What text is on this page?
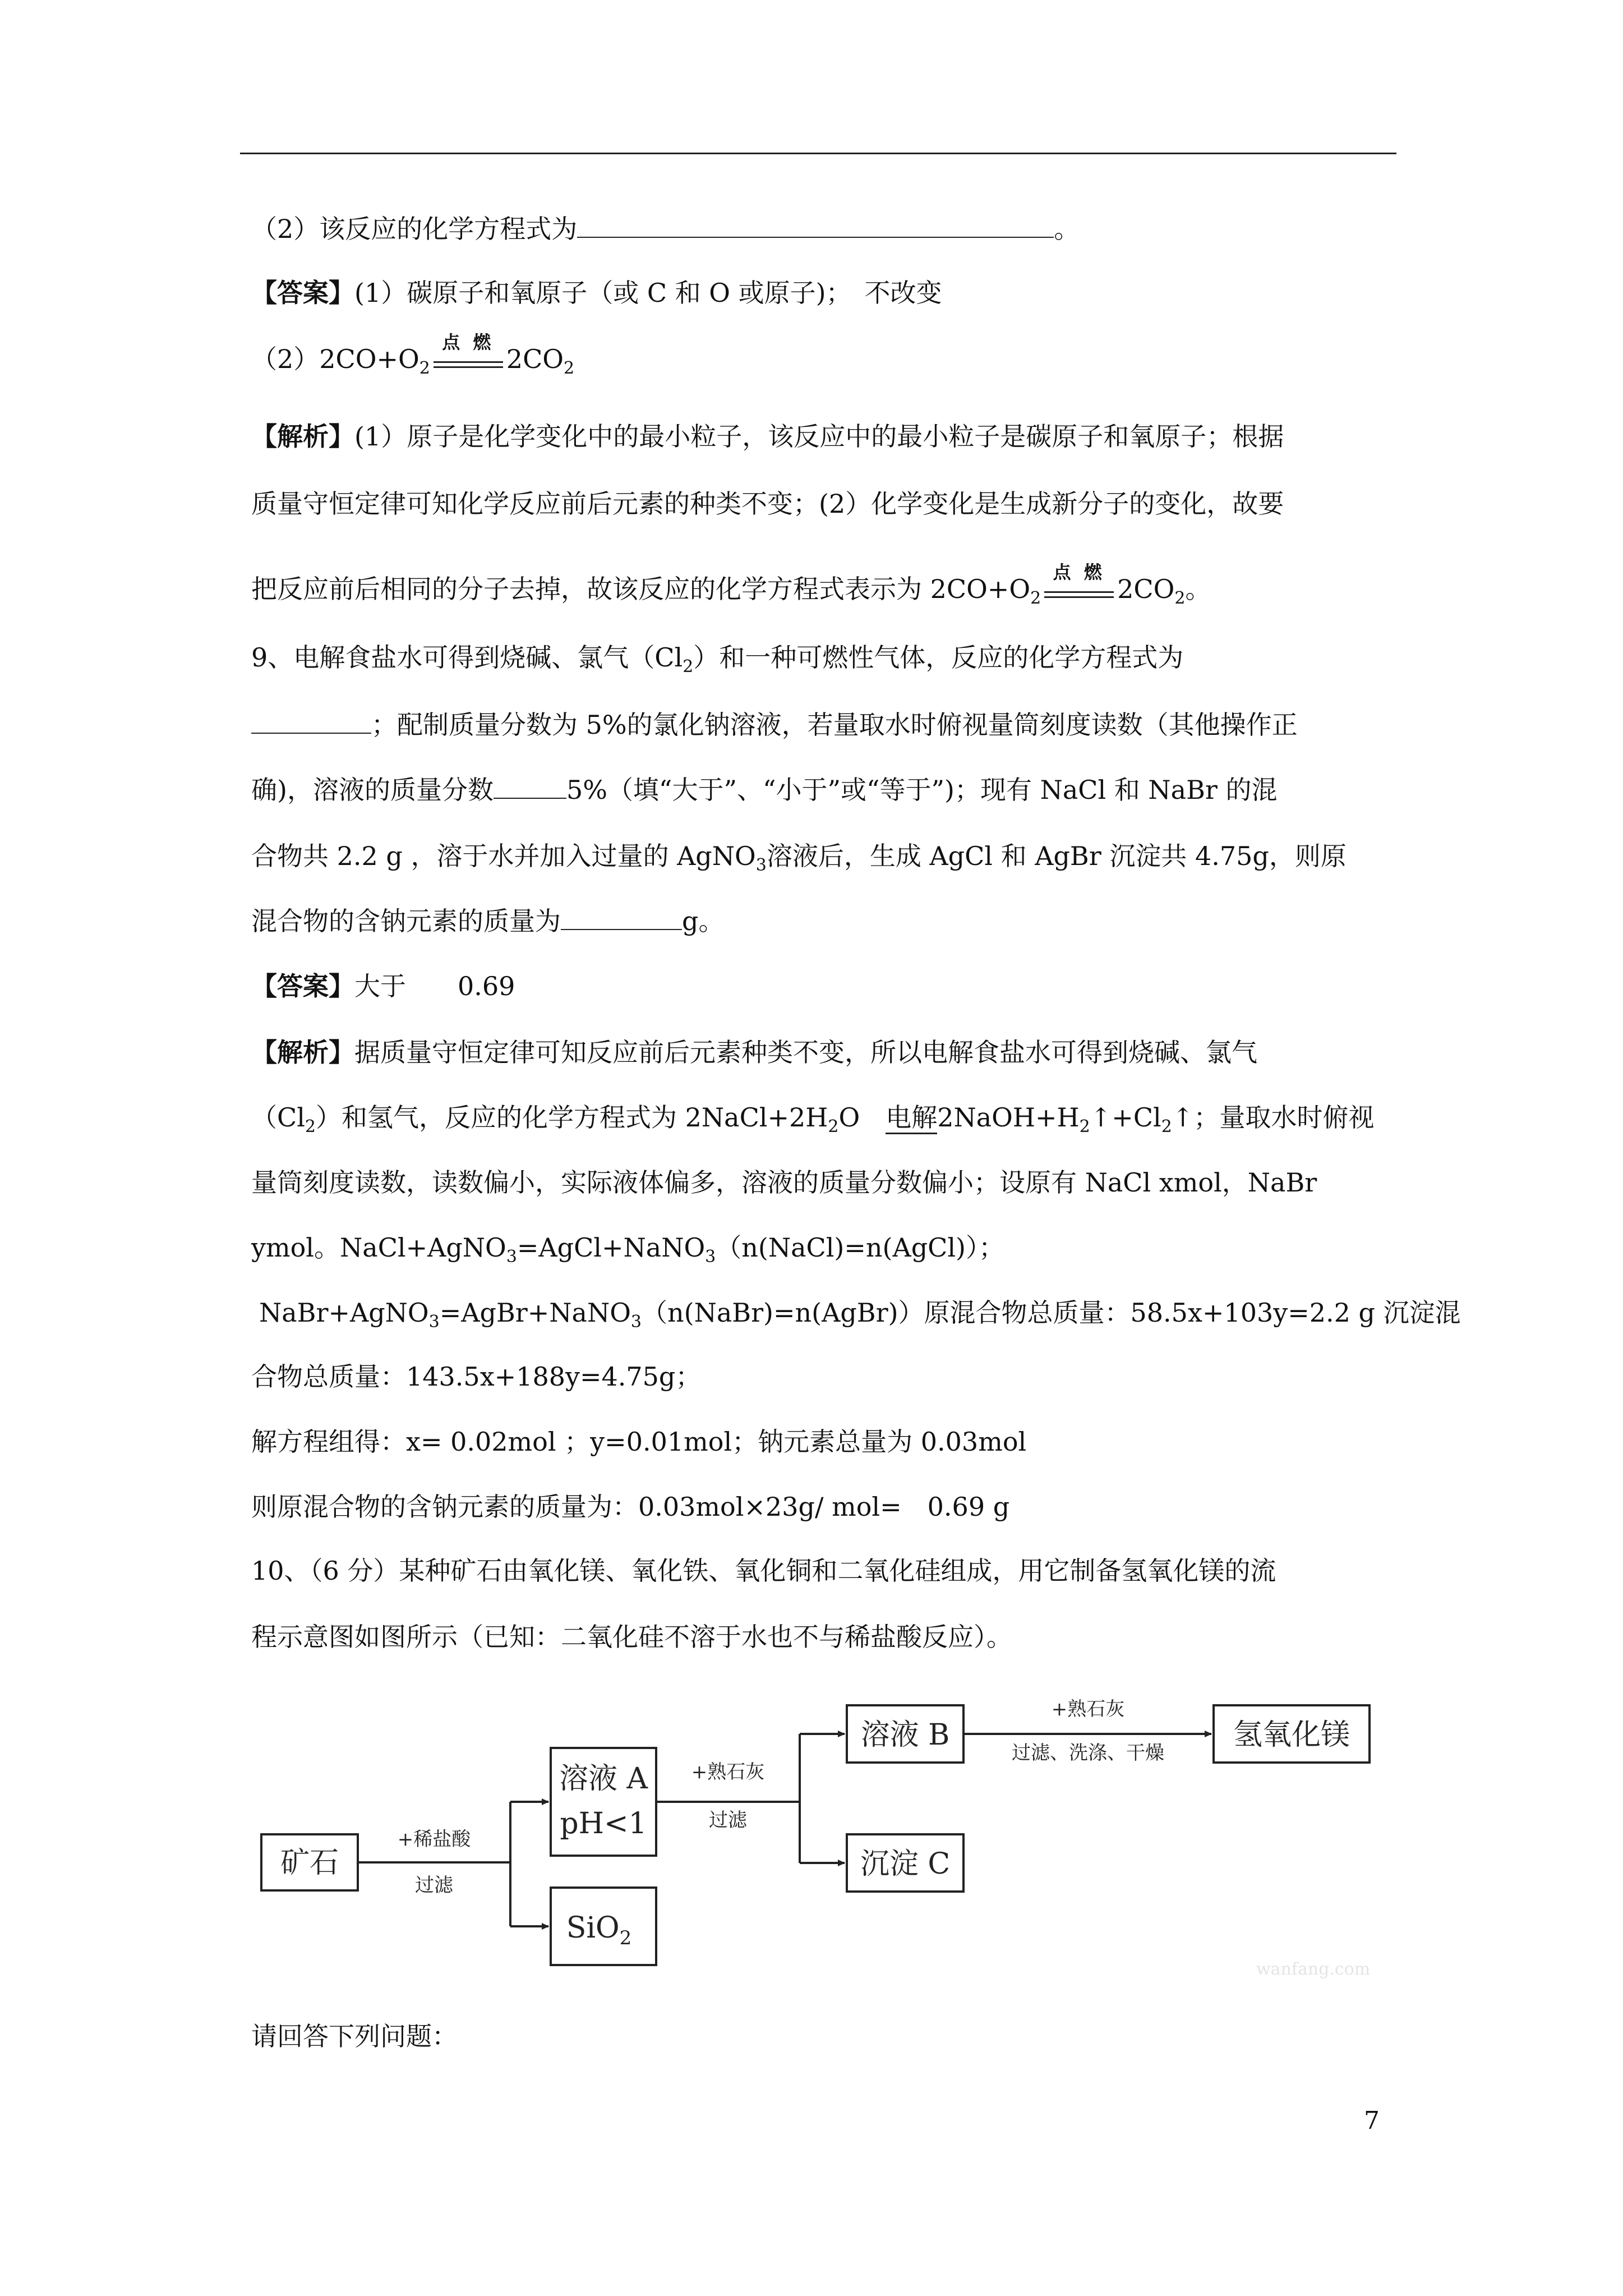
（2）该反应的化学方程式为	。
【答案】(1）碳原子和氧原子（或 C 和 O 或原子)；　不改变
$(2)2CO+O_2$
点 燃
$2CO_2$
【解析】(1）原子是化学变化中的最小粒子，该反应中的最小粒子是碳原子和氧原子；根据
质量守恒定律可知化学反应前后元素的种类不变；(2）化学变化是生成新分子的变化，故要
把反应前后相同的分子去掉，故该反应的化学方程式表示为 $2CO+O_2$
点 燃
$2CO_2$。
9、电解食盐水可得到烧碱、氯气$(Cl_2)$和一种可燃性气体，反应的化学方程式为
；配制质量分数为 5%的氯化钠溶液，若量取水时俯视量筒刻度读数（其他操作正
确)，溶液的质量分数	5%（填“大于”、“小于”或“等于”)；现有 NaCl 和 NaBr 的混
合物共 2.2 g ，溶于水并加入过量的 AgNO$_3$溶液后，生成 AgCl 和 AgBr 沉淀共 4.75g，则原
混合物的含钠元素的质量为	g。
【答案】大于　　0.69
【解析】据质量守恒定律可知反应前后元素种类不变，所以电解食盐水可得到烧碱、氯气
$(Cl_2)$和氢气，反应的化学方程式为 $2NaCl+2H_2O$　电解$2NaOH+H_2↑+Cl_2↑$；量取水时俯视
量筒刻度读数，读数偏小，实际液体偏多，溶液的质量分数偏小；设原有 NaCl xmol，NaBr
ymol。NaCl+AgNO$_3$=AgCl+NaNO$_3$（n(NaCl)=n(AgCl)）；
NaBr+AgNO$_3$=AgBr+NaNO$_3$（n(NaBr)=n(AgBr)）原混合物总质量：58.5x+103y=2.2 g 沉淀混
合物总质量：143.5x+188y=4.75g；
解方程组得：x= 0.02mol ；y=0.01mol；钠元素总量为 0.03mol
则原混合物的含钠元素的质量为：0.03mol×23g/ mol=　0.69 g
10、（6 分）某种矿石由氧化镁、氧化铁、氧化铜和二氧化硅组成，用它制备氢氧化镁的流
程示意图如图所示（已知：二氧化硅不溶于水也不与稀盐酸反应）。
矿石
溶液 A
pH<1
SiO$_2$
溶液 B
沉淀 C
氢氧化镁
+稀盐酸
过滤
+熟石灰
过滤
+熟石灰
过滤、洗涤、干燥
wanfang.com
请回答下列问题：
7
